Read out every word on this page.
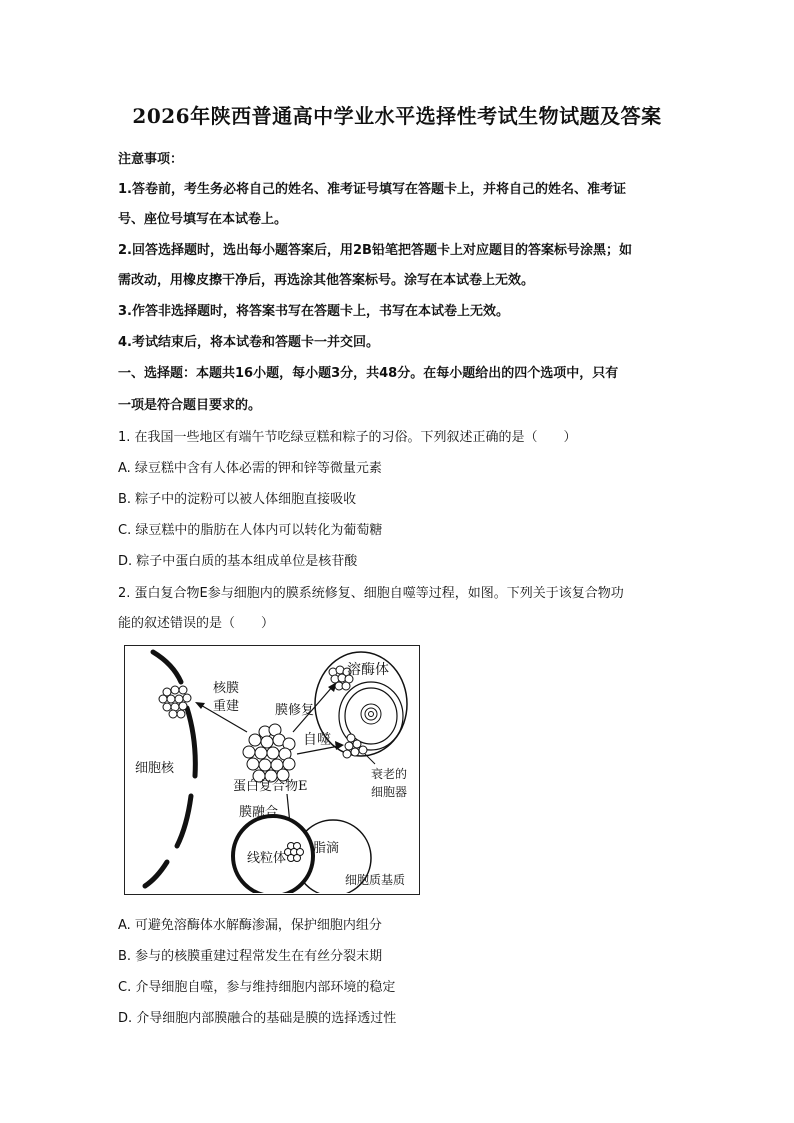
2026年陕西普通高中学业水平选择性考试生物试题及答案
注意事项：
1.答卷前，考生务必将自己的姓名、准考证号填写在答题卡上，并将自己的姓名、准考证
号、座位号填写在本试卷上。
2.回答选择题时，选出每小题答案后，用2B铅笔把答题卡上对应题目的答案标号涂黑；如
需改动，用橡皮擦干净后，再选涂其他答案标号。涂写在本试卷上无效。
3.作答非选择题时，将答案书写在答题卡上，书写在本试卷上无效。
4.考试结束后，将本试卷和答题卡一并交回。
一、选择题：本题共16小题，每小题3分，共48分。在每小题给出的四个选项中，只有
一项是符合题目要求的。
1. 在我国一些地区有端午节吃绿豆糕和粽子的习俗。下列叙述正确的是（　　）
A. 绿豆糕中含有人体必需的钾和锌等微量元素
B. 粽子中的淀粉可以被人体细胞直接吸收
C. 绿豆糕中的脂肪在人体内可以转化为葡萄糖
D. 粽子中蛋白质的基本组成单位是核苷酸
2. 蛋白复合物E参与细胞内的膜系统修复、细胞自噬等过程，如图。下列关于该复合物功
能的叙述错误的是（　　）
核膜
重建	膜修复
溶酶体
自噬
细胞核
蛋白复合物E
衰老的
细胞器
膜融合
线粒体
脂滴
细胞质基质
A. 可避免溶酶体水解酶渗漏，保护细胞内组分
B. 参与的核膜重建过程常发生在有丝分裂末期
C. 介导细胞自噬，参与维持细胞内部环境的稳定
D. 介导细胞内部膜融合的基础是膜的选择透过性
